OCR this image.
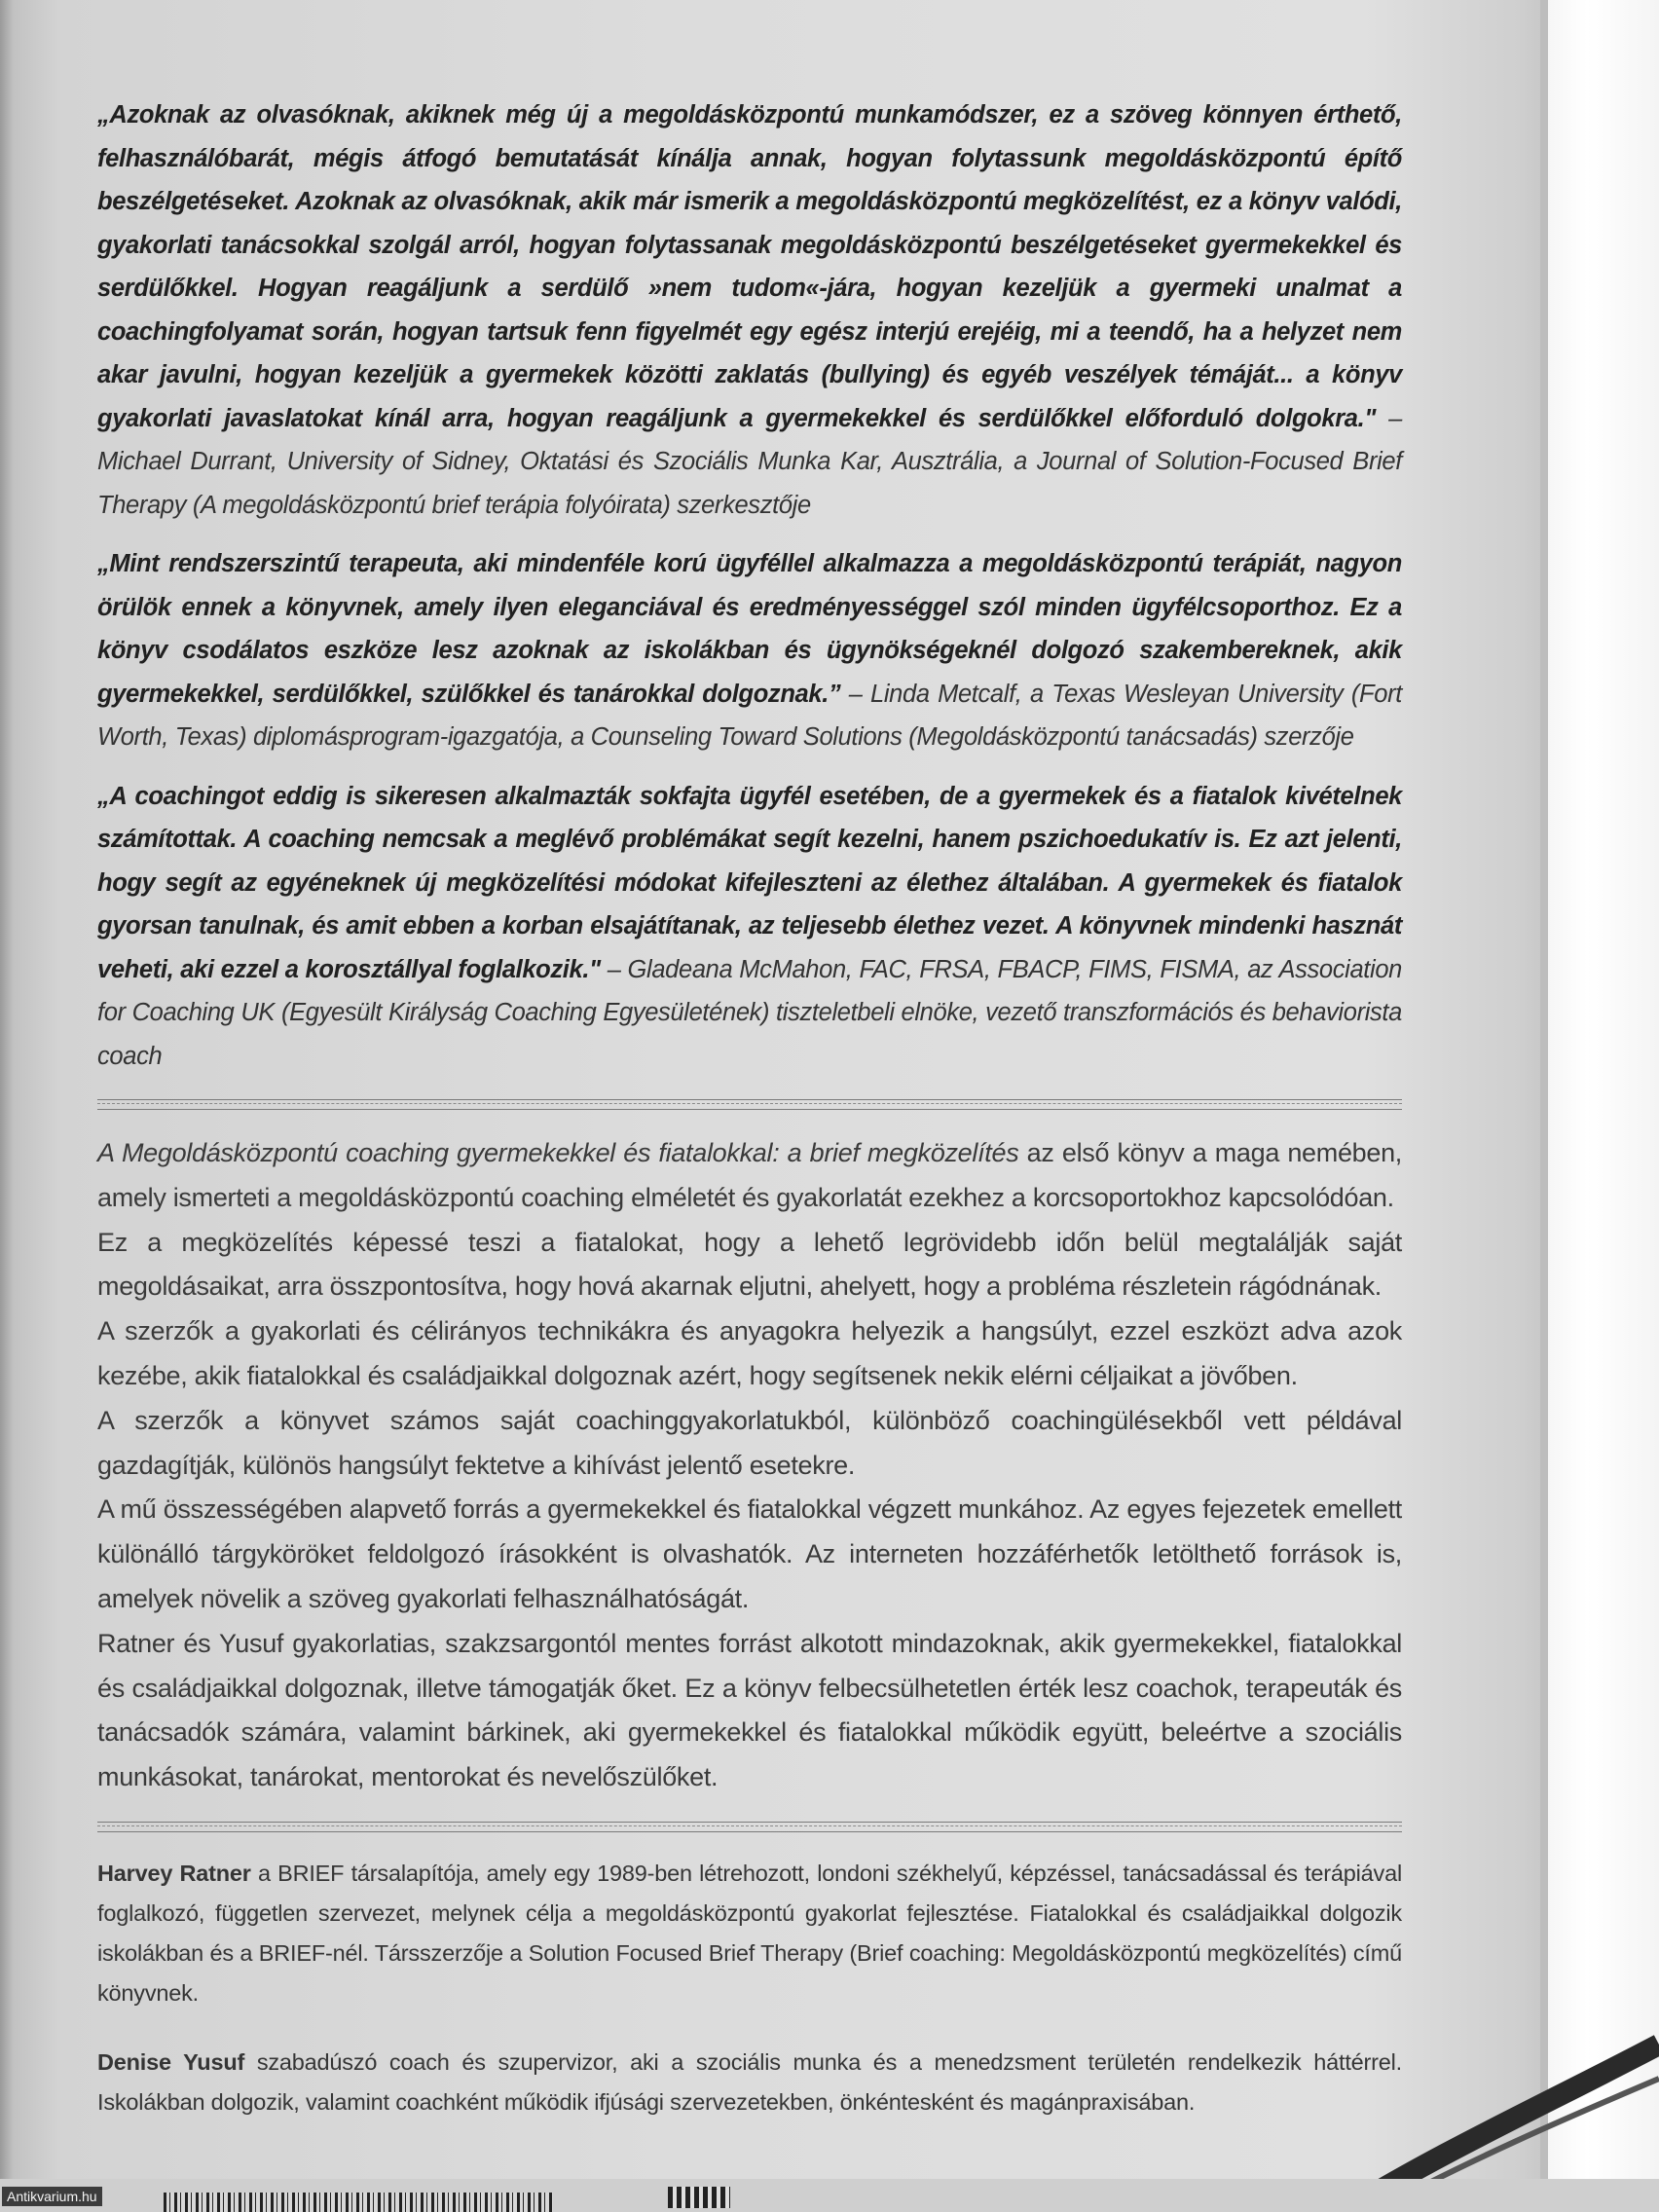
„Azoknak az olvasóknak, akiknek még új a megoldásközpontú munkamódszer, ez a szöveg könnyen érthető, felhasználóbarát, mégis átfogó bemutatását kínálja annak, hogyan folytassunk megoldásközpontú építő beszélgetéseket. Azoknak az olvasóknak, akik már ismerik a megoldásközpontú megközelítést, ez a könyv valódi, gyakorlati tanácsokkal szolgál arról, hogyan folytassanak megoldásközpontú beszélgetéseket gyermekekkel és serdülőkkel. Hogyan reagáljunk a serdülő »nem tudom«-jára, hogyan kezeljük a gyermeki unalmat a coachingfolyamat során, hogyan tartsuk fenn figyelmét egy egész interjú erejéig, mi a teendő, ha a helyzet nem akar javulni, hogyan kezeljük a gyermekek közötti zaklatás (bullying) és egyéb veszélyek témáját... a könyv gyakorlati javaslatokat kínál arra, hogyan reagáljunk a gyermekekkel és serdülőkkel előforduló dolgokra." – Michael Durrant, University of Sidney, Oktatási és Szociális Munka Kar, Ausztrália, a Journal of Solution-Focused Brief Therapy (A megoldásközpontú brief terápia folyóirata) szerkesztője

„Mint rendszerszintű terapeuta, aki mindenféle korú ügyféllel alkalmazza a megoldásközpontú terápiát, nagyon örülök ennek a könyvnek, amely ilyen eleganciával és eredményességgel szól minden ügyfélcsoporthoz. Ez a könyv csodálatos eszköze lesz azoknak az iskolákban és ügynökségeknél dolgozó szakembereknek, akik gyermekekkel, serdülőkkel, szülőkkel és tanárokkal dolgoznak.” – Linda Metcalf, a Texas Wesleyan University (Fort Worth, Texas) diplomásprogram-igazgatója, a Counseling Toward Solutions (Megoldásközpontú tanácsadás) szerzője

„A coachingot eddig is sikeresen alkalmazták sokfajta ügyfél esetében, de a gyermekek és a fiatalok kivételnek számítottak. A coaching nemcsak a meglévő problémákat segít kezelni, hanem pszichoedukatív is. Ez azt jelenti, hogy segít az egyéneknek új megközelítési módokat kifejleszteni az élethez általában. A gyermekek és fiatalok gyorsan tanulnak, és amit ebben a korban elsajátítanak, az teljesebb élethez vezet. A könyvnek mindenki hasznát veheti, aki ezzel a korosztállyal foglalkozik." – Gladeana McMahon, FAC, FRSA, FBACP, FIMS, FISMA, az Association for Coaching UK (Egyesült Királyság Coaching Egyesületének) tiszteletbeli elnöke, vezető transzformációs és behaviorista coach

A Megoldásközpontú coaching gyermekekkel és fiatalokkal: a brief megközelítés az első könyv a maga nemében, amely ismerteti a megoldásközpontú coaching elméletét és gyakorlatát ezekhez a korcsoportokhoz kapcsolódóan.

Ez a megközelítés képessé teszi a fiatalokat, hogy a lehető legrövidebb időn belül megtalálják saját megoldásaikat, arra összpontosítva, hogy hová akarnak eljutni, ahelyett, hogy a probléma részletein rágódnának.

A szerzők a gyakorlati és célirányos technikákra és anyagokra helyezik a hangsúlyt, ezzel eszközt adva azok kezébe, akik fiatalokkal és családjaikkal dolgoznak azért, hogy segítsenek nekik elérni céljaikat a jövőben.

A szerzők a könyvet számos saját coachinggyakorlatukból, különböző coachingülésekből vett példával gazdagítják, különös hangsúlyt fektetve a kihívást jelentő esetekre.

A mű összességében alapvető forrás a gyermekekkel és fiatalokkal végzett munkához. Az egyes fejezetek emellett különálló tárgyköröket feldolgozó írásokként is olvashatók. Az interneten hozzáférhetők letölthető források is, amelyek növelik a szöveg gyakorlati felhasználhatóságát.

Ratner és Yusuf gyakorlatias, szakzsargontól mentes forrást alkotott mindazoknak, akik gyermekekkel, fiatalokkal és családjaikkal dolgoznak, illetve támogatják őket. Ez a könyv felbecsülhetetlen érték lesz coachok, terapeuták és tanácsadók számára, valamint bárkinek, aki gyermekekkel és fiatalokkal működik együtt, beleértve a szociális munkásokat, tanárokat, mentorokat és nevelőszülőket.

Harvey Ratner a BRIEF társalapítója, amely egy 1989-ben létrehozott, londoni székhelyű, képzéssel, tanácsadással és terápiával foglalkozó, független szervezet, melynek célja a megoldásközpontú gyakorlat fejlesztése. Fiatalokkal és családjaikkal dolgozik iskolákban és a BRIEF-nél. Társszerzője a Solution Focused Brief Therapy (Brief coaching: Megoldásközpontú megközelítés) című könyvnek.

Denise Yusuf szabadúszó coach és szupervizor, aki a szociális munka és a menedzsment területén rendelkezik háttérrel. Iskolákban dolgozik, valamint coachként működik ifjúsági szervezetekben, önkéntesként és magánpraxisában.

Antikvarium.hu
